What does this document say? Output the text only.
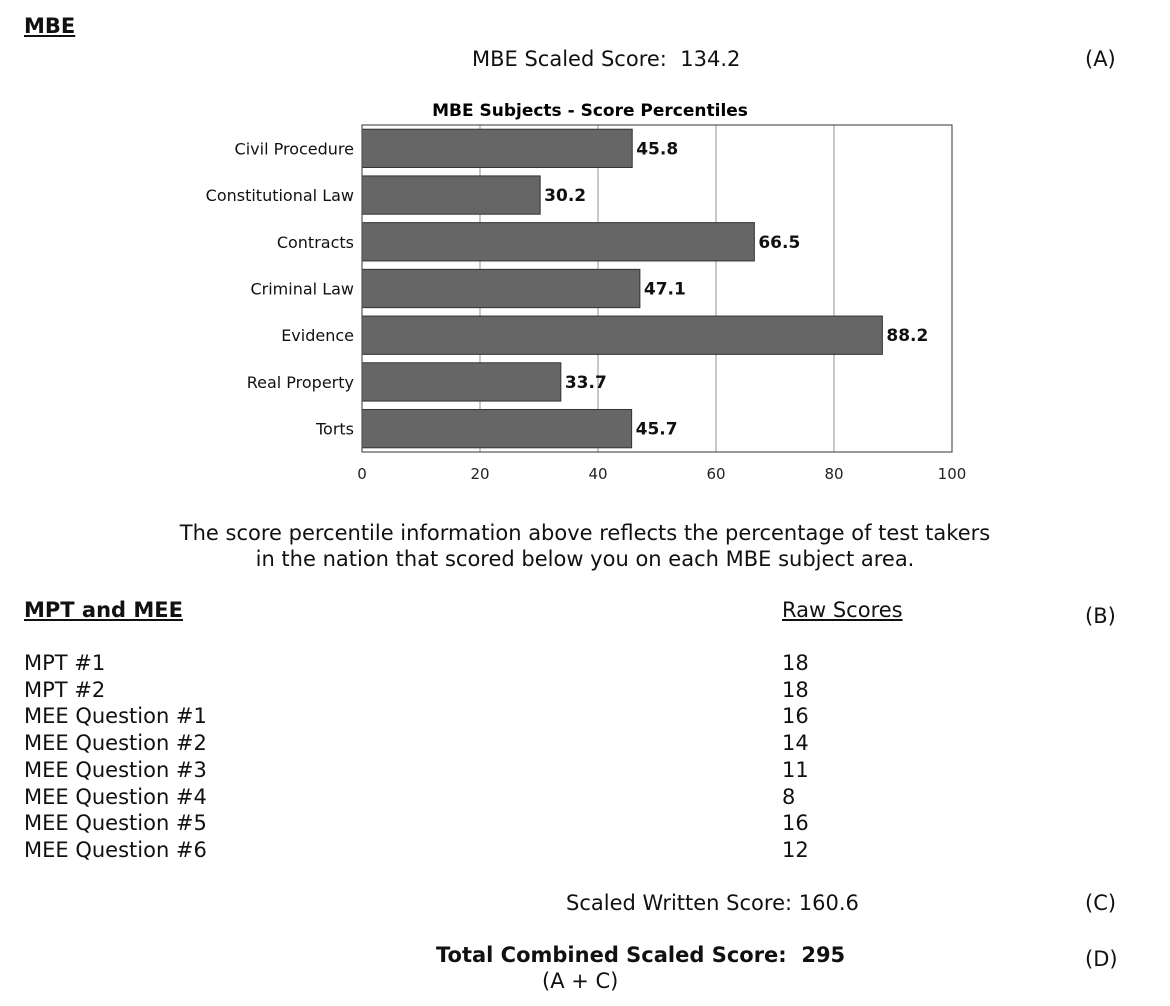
MBE
MBE Scaled Score: 134.2	(A)
MBE Subjects - Score Percentiles
45.8
30.2
66.5
47.1
88.2
33.7
45.7
Civil Procedure
Constitutional Law
Contracts
Criminal Law
Evidence
Real Property
Torts
0	20	40	60	80	100
The score percentile information above reflects the percentage of test takers
in the nation that scored below you on each MBE subject area.
MPT and MEE	Raw Scores	(B)
MPT #1	18
MPT #2	18
MEE Question #1	16
MEE Question #2	14
MEE Question #3	11
MEE Question #4	8
MEE Question #5	16
MEE Question #6	12
Scaled Written Score: 160.6	(C)
Total Combined Scaled Score: 295
(A + C)
(D)
